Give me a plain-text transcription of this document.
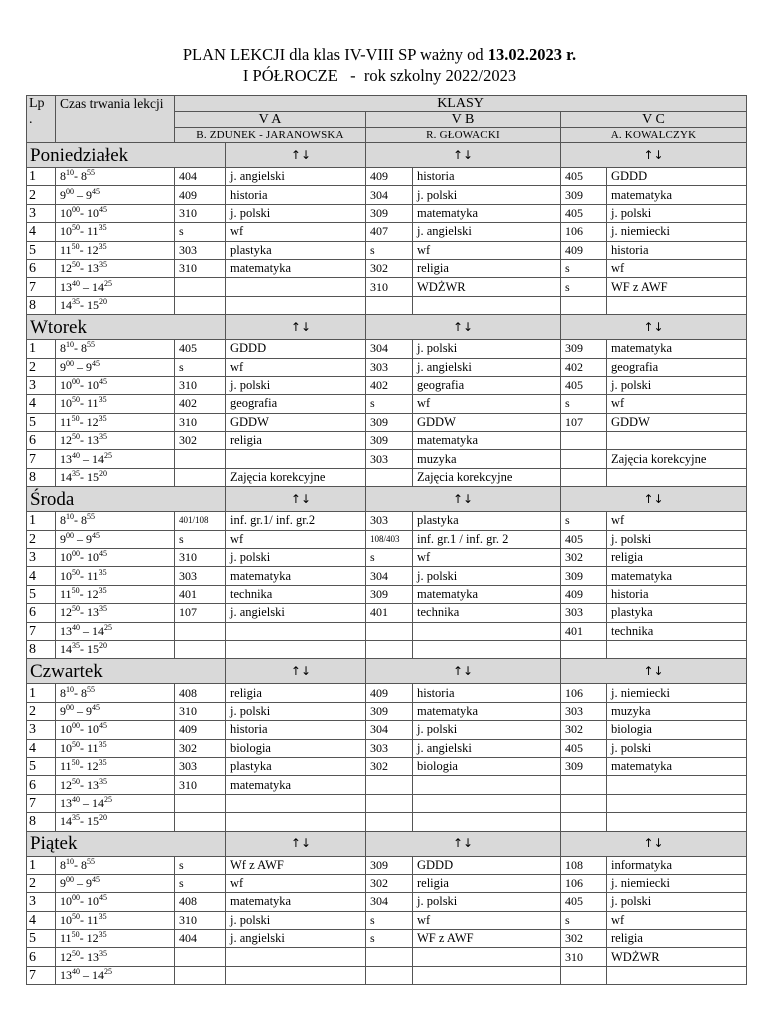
PLAN LEKCJI dla klas IV-VIII SP ważny od 13.02.2023 r.
I PÓŁROCZE   -  rok szkolny 2022/2023
Lp
.	Czas trwania lekcji	KLASY					
		V A		V B		V C	
		B. ZDUNEK - JARANOWSKA		R. GŁOWACKI		A. KOWALCZYK	
Poniedziałek			↑↓	↑↓		↑↓	
1	$8^{10}-$ $8^{55}$	404	j. angielski	409	historia	405	GDDD
2	$9^{00} - 9^{45}$	409	historia	304	j. polski	309	matematyka
3	$10^{00}-$ $10^{45}$	310	j. polski	309	matematyka	405	j. polski
4	$10^{50}-$ $11^{35}$	s	wf	407	j. angielski	106	j. niemiecki
5	$11^{50}-$ $12^{35}$	303	plastyka	s	wf	409	historia
6	$12^{50}-$ $13^{35}$	310	matematyka	302	religia	s	wf
7	$13^{40} - 14^{25}$			310	WDŻWR	s	WF z AWF
8	$14^{35}-$ $15^{20}$						
Wtorek			↑↓	↑↓		↑↓	
1	$8^{10}-$ $8^{55}$	405	GDDD	304	j. polski	309	matematyka
2	$9^{00} - 9^{45}$	s	wf	303	j. angielski	402	geografia
3	$10^{00}-$ $10^{45}$	310	j. polski	402	geografia	405	j. polski
4	$10^{50}-$ $11^{35}$	402	geografia	s	wf	s	wf
5	$11^{50}-$ $12^{35}$	310	GDDW	309	GDDW	107	GDDW
6	$12^{50}-$ $13^{35}$	302	religia	309	matematyka		
7	$13^{40} - 14^{25}$			303	muzyka		Zajęcia korekcyjne
8	$14^{35}-$ $15^{20}$		Zajęcia korekcyjne		Zajęcia korekcyjne		
Środa			↑↓	↑↓		↑↓	
1	$8^{10}-$ $8^{55}$	401/108	inf. gr.1/ inf. gr.2	303	plastyka	s	wf
2	$9^{00} - 9^{45}$	s	wf	108/403	inf. gr.1 / inf. gr. 2	405	j. polski
3	$10^{00}-$ $10^{45}$	310	j. polski	s	wf	302	religia
4	$10^{50}-$ $11^{35}$	303	matematyka	304	j. polski	309	matematyka
5	$11^{50}-$ $12^{35}$	401	technika	309	matematyka	409	historia
6	$12^{50}-$ $13^{35}$	107	j. angielski	401	technika	303	plastyka
7	$13^{40} - 14^{25}$					401	technika
8	$14^{35}-$ $15^{20}$						
Czwartek			↑↓	↑↓		↑↓	
1	$8^{10}-$ $8^{55}$	408	religia	409	historia	106	j. niemiecki
2	$9^{00} - 9^{45}$	310	j. polski	309	matematyka	303	muzyka
3	$10^{00}-$ $10^{45}$	409	historia	304	j. polski	302	biologia
4	$10^{50}-$ $11^{35}$	302	biologia	303	j. angielski	405	j. polski
5	$11^{50}-$ $12^{35}$	303	plastyka	302	biologia	309	matematyka
6	$12^{50}-$ $13^{35}$	310	matematyka				
7	$13^{40} - 14^{25}$						
8	$14^{35}-$ $15^{20}$						
Piątek			↑↓	↑↓		↑↓	
1	$8^{10}-$ $8^{55}$	s	Wf z AWF	309	GDDD	108	informatyka
2	$9^{00} - 9^{45}$	s	wf	302	religia	106	j. niemiecki
3	$10^{00}-$ $10^{45}$	408	matematyka	304	j. polski	405	j. polski
4	$10^{50}-$ $11^{35}$	310	j. polski	s	wf	s	wf
5	$11^{50}-$ $12^{35}$	404	j. angielski	s	WF z AWF	302	religia
6	$12^{50}-$ $13^{35}$					310	WDŻWR
7	$13^{40} - 14^{25}$						
